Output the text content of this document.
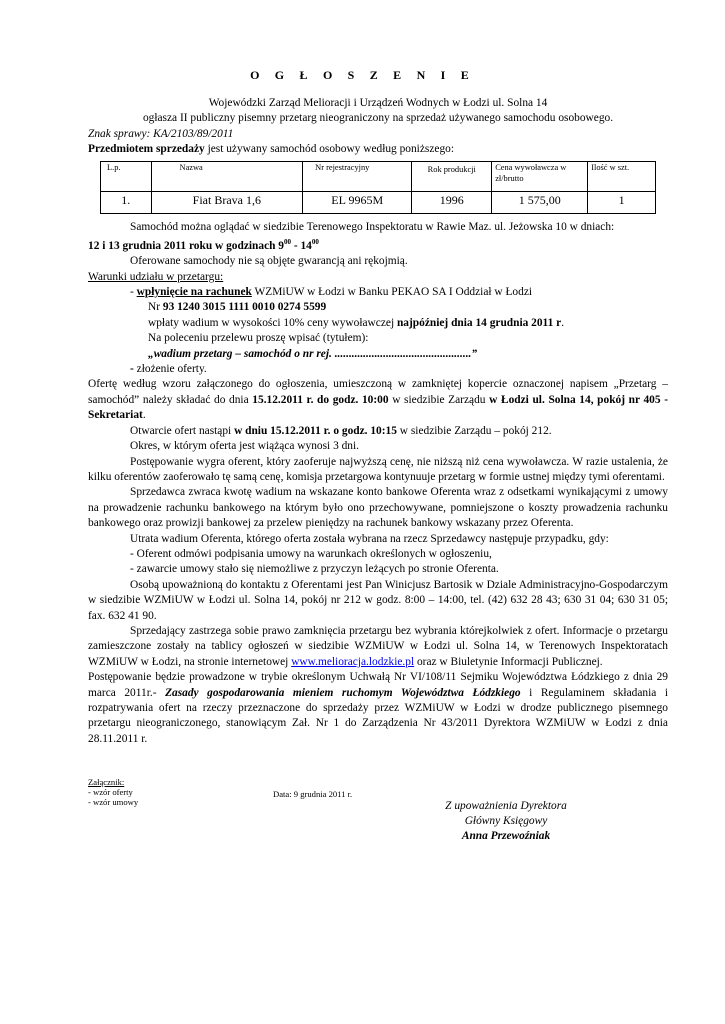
O G Ł O S Z E N I E

Wojewódzki Zarząd Melioracji i Urządzeń Wodnych w Łodzi ul. Solna 14

ogłasza II publiczny pisemny przetarg nieograniczony na sprzedaż używanego samochodu osobowego.

Znak sprawy: KA/2103/89/2011

Przedmiotem sprzedaży jest używany samochód osobowy według poniższego:

L.p.	Nazwa	Nr rejestracyjny	Rok produkcji	Cena wywoławcza w zł/brutto	Ilość w szt.
1.	Fiat Brava 1,6	EL 9965M	1996	1 575,00	1

Samochód można oglądać w siedzibie Terenowego Inspektoratu w Rawie Maz. ul. Jeżowska 10 w dniach:

12 i 13 grudnia 2011 roku w godzinach $9^{00} - 14^{00}$

Oferowane samochody nie są objęte gwarancją ani rękojmią.

Warunki udziału w przetargu:

- wpłynięcie na rachunek WZMiUW w Łodzi w Banku PEKAO SA I Oddział w Łodzi

Nr 93 1240 3015 1111 0010 0274 5599

wpłaty wadium w wysokości 10% ceny wywoławczej najpóźniej dnia 14 grudnia 2011 r.

Na poleceniu przelewu proszę wpisać (tytułem):

„wadium przetarg – samochód o nr rej. ................................................”

- złożenie oferty.

Ofertę według wzoru załączonego do ogłoszenia, umieszczoną w zamkniętej kopercie oznaczonej napisem „Przetarg – samochód” należy składać do dnia 15.12.2011 r. do godz. 10:00 w siedzibie Zarządu w Łodzi ul. Solna 14, pokój nr 405 - Sekretariat.

Otwarcie ofert nastąpi w dniu 15.12.2011 r. o godz. 10:15 w siedzibie Zarządu – pokój 212.

Okres, w którym oferta jest wiążąca wynosi 3 dni.

Postępowanie wygra oferent, który zaoferuje najwyższą cenę, nie niższą niż cena wywoławcza. W razie ustalenia, że kilku oferentów zaoferowało tę samą cenę, komisja przetargowa kontynuuje przetarg w formie ustnej między tymi oferentami.

Sprzedawca zwraca kwotę wadium na wskazane konto bankowe Oferenta wraz z odsetkami wynikającymi z umowy na prowadzenie rachunku bankowego na którym było ono przechowywane, pomniejszone o koszty prowadzenia rachunku bankowego oraz prowizji bankowej za przelew pieniędzy na rachunek bankowy wskazany przez Oferenta.

Utrata wadium Oferenta, którego oferta została wybrana na rzecz Sprzedawcy następuje przypadku, gdy:

- Oferent odmówi podpisania umowy na warunkach określonych w ogłoszeniu,

- zawarcie umowy stało się niemożliwe z przyczyn leżących po stronie Oferenta.

Osobą upoważnioną do kontaktu z Oferentami jest Pan Winicjusz Bartosik w Dziale Administracyjno-Gospodarczym w siedzibie WZMiUW w Łodzi ul. Solna 14, pokój nr 212 w godz. 8:00 – 14:00, tel. (42) 632 28 43; 630 31 04; 630 31 05; fax. 632 41 90.

Sprzedający zastrzega sobie prawo zamknięcia przetargu bez wybrania którejkolwiek z ofert. Informacje o przetargu zamieszczone zostały na tablicy ogłoszeń w siedzibie WZMiUW w Łodzi ul. Solna 14, w Terenowych Inspektoratach WZMiUW w Łodzi, na stronie internetowej www.melioracja.lodzkie.pl oraz w Biuletynie Informacji Publicznej.

Postępowanie będzie prowadzone w trybie określonym Uchwałą Nr VI/108/11 Sejmiku Województwa Łódzkiego z dnia 29 marca 2011r.- Zasady gospodarowania mieniem ruchomym Województwa Łódzkiego i Regulaminem składania i rozpatrywania ofert na rzeczy przeznaczone do sprzedaży przez WZMiUW w Łodzi w drodze publicznego pisemnego przetargu nieograniczonego, stanowiącym Zał. Nr 1 do Zarządzenia Nr 43/2011 Dyrektora WZMiUW w Łodzi z dnia 28.11.2011 r.

Załącznik:

- wzór oferty

- wzór umowy

Data: 9 grudnia 2011 r.

Z upoważnienia Dyrektora

Główny Księgowy

Anna Przewoźniak
